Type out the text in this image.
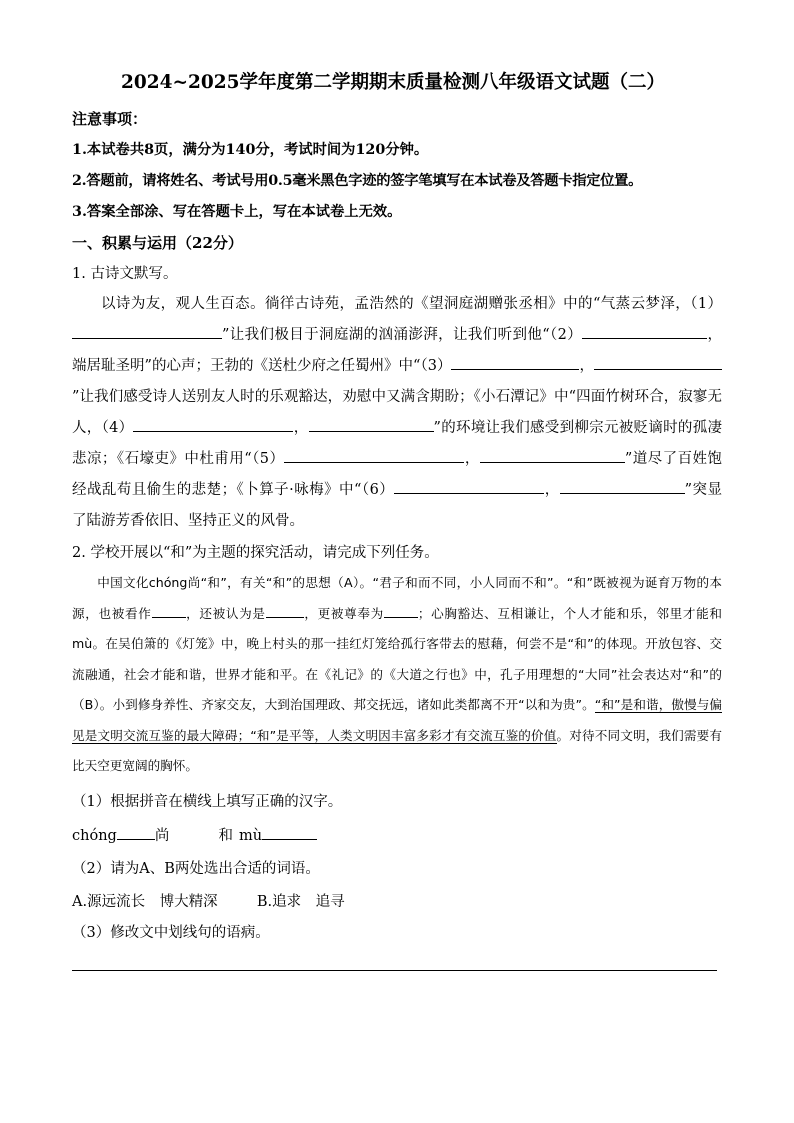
2024~2025学年度第二学期期末质量检测八年级语文试题（二）
注意事项：
1.本试卷共8页，满分为140分，考试时间为120分钟。
2.答题前，请将姓名、考试号用0.5毫米黑色字迹的签字笔填写在本试卷及答题卡指定位置。
3.答案全部涂、写在答题卡上，写在本试卷上无效。
一、积累与运用（22分）
1. 古诗文默写。

以诗为友，观人生百态。徜徉古诗苑，孟浩然的《望洞庭湖赠张丞相》中的“气蒸云梦泽，（1）”让我们极目于洞庭湖的汹涌澎湃，让我们听到他“（2）	，端居耻圣明”的心声；王勃的《送杜少府之任蜀州》中“（3）	，”让我们感受诗人送别友人时的乐观豁达，劝慰中又满含期盼；《小石潭记》中“四面竹树环合，寂寥无人，（4）	，	”的环境让我们感受到柳宗元被贬谪时的孤凄悲凉；《石壕吏》中杜甫用“（5）	，	”道尽了百姓饱经战乱苟且偷生的悲楚；《卜算子·咏梅》中“（6）	，	”突显了陆游芳香依旧、坚持正义的风骨。

2. 学校开展以“和”为主题的探究活动，请完成下列任务。

中国文化chóng尚“和”，有关“和”的思想（A）。“君子和而不同，小人同而不和”。“和”既被视为诞育万物的本源，也被看作	，还被认为是	，更被尊奉为	；心胸豁达、互相谦让，个人才能和乐，邻里才能和mù。在吴伯箫的《灯笼》中，晚上村头的那一挂红灯笼给孤行客带去的慰藉，何尝不是“和”的体现。开放包容、交流融通，社会才能和谐，世界才能和平。在《礼记》的《大道之行也》中，孔子用理想的“大同”社会表达对“和”的（B）。小到修身养性、齐家交友，大到治国理政、邦交抚远，诸如此类都离不开“以和为贵”。“和”是和谐，傲慢与偏见是文明交流互鉴的最大障碍；“和”是平等，人类文明因丰富多彩才有交流互鉴的价值。对待不同文明，我们需要有比天空更宽阔的胸怀。

（1）根据拼音在横线上填写正确的汉字。
chóng	尚	和 mù
（2）请为A、B两处选出合适的词语。
A.源远流长　博大精深	B.追求　追寻
（3）修改文中划线句的语病。
